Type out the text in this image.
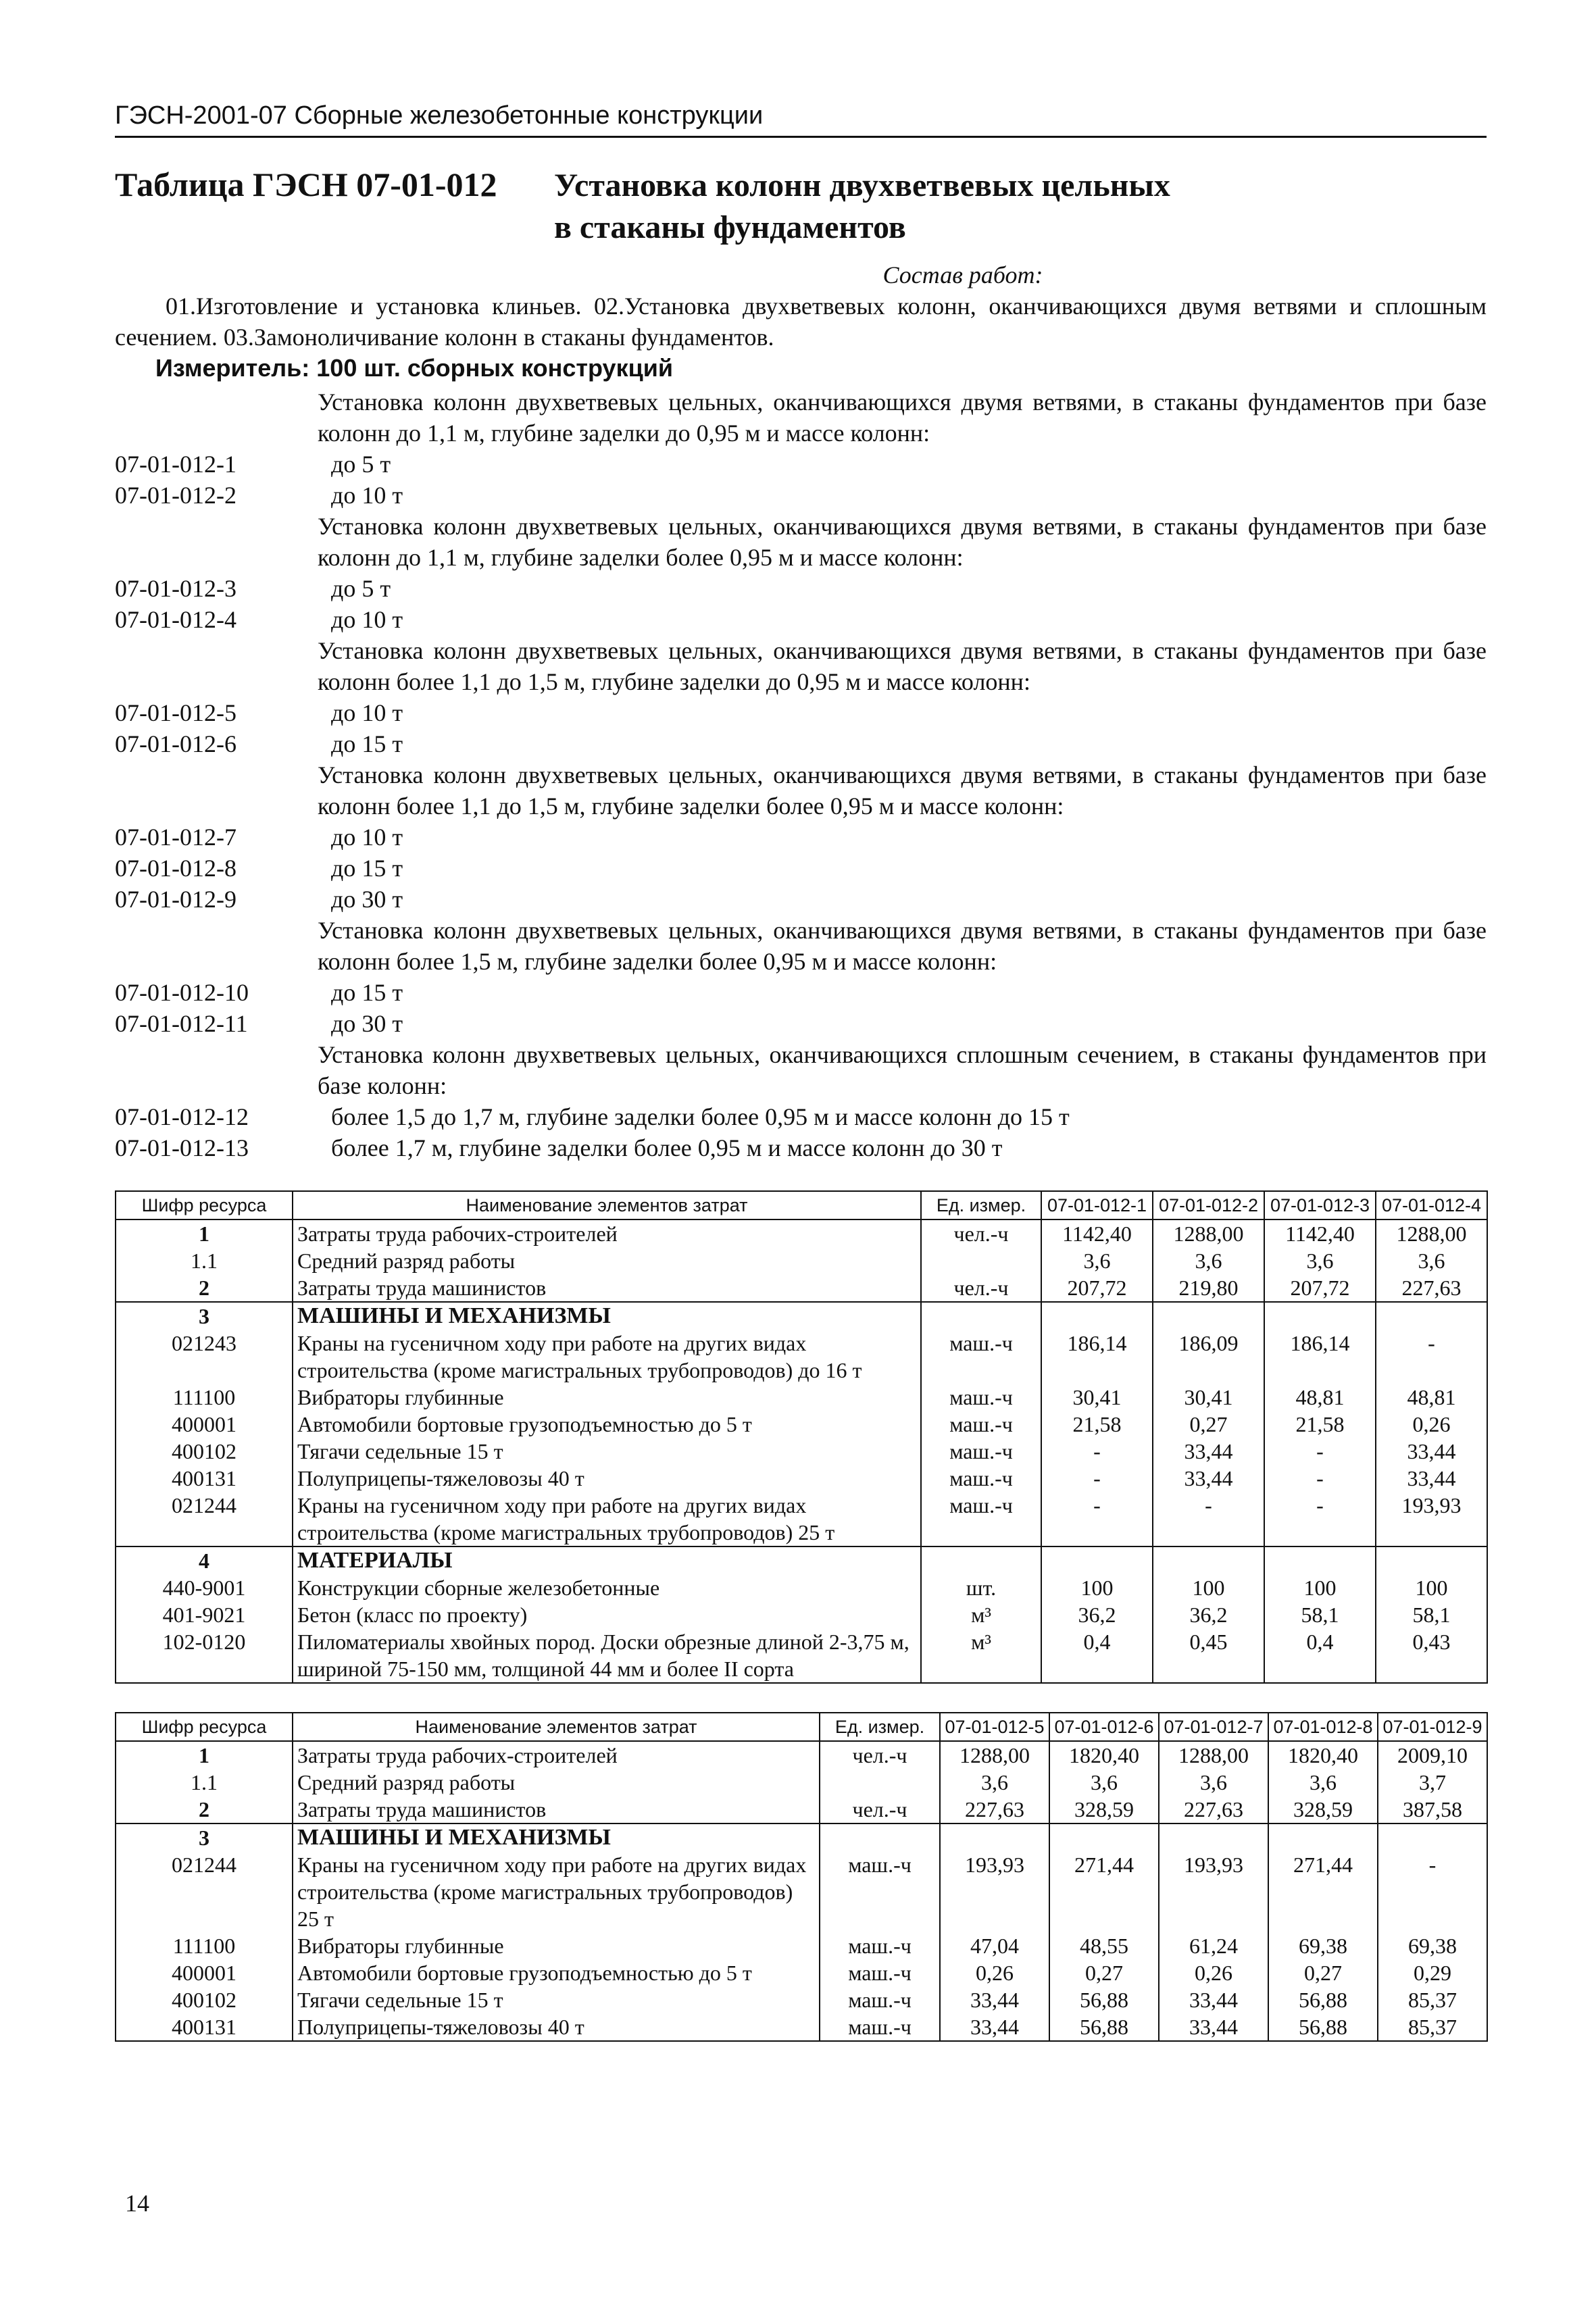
ГЭСН-2001-07 Сборные железобетонные конструкции
Таблица ГЭСН 07-01-012	Установка колонн двухветвевых цельных
в стаканы фундаментов
Состав работ:
01.Изготовление и установка клиньев. 02.Установка двухветвевых колонн, оканчивающихся двумя ветвями и сплошным сечением. 03.Замоноличивание колонн в стаканы фундаментов.
Измеритель: 100 шт. сборных конструкций
Установка колонн двухветвевых цельных, оканчивающихся двумя ветвями, в стаканы фундаментов при базе колонн до 1,1 м, глубине заделки до 0,95 м и массе колонн:
07-01-012-1	до 5 т
07-01-012-2	до 10 т
Установка колонн двухветвевых цельных, оканчивающихся двумя ветвями, в стаканы фундаментов при базе колонн до 1,1 м, глубине заделки более 0,95 м и массе колонн:
07-01-012-3	до 5 т
07-01-012-4	до 10 т
Установка колонн двухветвевых цельных, оканчивающихся двумя ветвями, в стаканы фундаментов при базе колонн более 1,1 до 1,5 м, глубине заделки до 0,95 м и массе колонн:
07-01-012-5	до 10 т
07-01-012-6	до 15 т
Установка колонн двухветвевых цельных, оканчивающихся двумя ветвями, в стаканы фундаментов при базе колонн более 1,1 до 1,5 м, глубине заделки более 0,95 м и массе колонн:
07-01-012-7	до 10 т
07-01-012-8	до 15 т
07-01-012-9	до 30 т
Установка колонн двухветвевых цельных, оканчивающихся двумя ветвями, в стаканы фундаментов при базе колонн более 1,5 м, глубине заделки более 0,95 м и массе колонн:
07-01-012-10	до 15 т
07-01-012-11	до 30 т
Установка колонн двухветвевых цельных, оканчивающихся сплошным сечением, в стаканы фундаментов при базе колонн:
07-01-012-12	более 1,5 до 1,7 м, глубине заделки более 0,95 м и массе колонн до 15 т
07-01-012-13	более 1,7 м, глубине заделки более 0,95 м и массе колонн до 30 т
Шифр ресурса	Наименование элементов затрат	Ед. измер.	07-01-012-1	07-01-012-2	07-01-012-3	07-01-012-4
1	Затраты труда рабочих-строителей	чел.-ч	1142,40	1288,00	1142,40	1288,00
1.1	Средний разряд работы		3,6	3,6	3,6	3,6
2	Затраты труда машинистов	чел.-ч	207,72	219,80	207,72	227,63
3	МАШИНЫ И МЕХАНИЗМЫ					
021243	Краны на гусеничном ходу при работе на других видах строительства (кроме магистральных трубопроводов) до 16 т	маш.-ч	186,14	186,09	186,14	-
111100	Вибраторы глубинные	маш.-ч	30,41	30,41	48,81	48,81
400001	Автомобили бортовые грузоподъемностью до 5 т	маш.-ч	21,58	0,27	21,58	0,26
400102	Тягачи седельные 15 т	маш.-ч	-	33,44	-	33,44
400131	Полуприцепы-тяжеловозы 40 т	маш.-ч	-	33,44	-	33,44
021244	Краны на гусеничном ходу при работе на других видах строительства (кроме магистральных трубопроводов) 25 т	маш.-ч	-	-	-	193,93
4	МАТЕРИАЛЫ					
440-9001	Конструкции сборные железобетонные	шт.	100	100	100	100
401-9021	Бетон (класс по проекту)	м³	36,2	36,2	58,1	58,1
102-0120	Пиломатериалы хвойных пород. Доски обрезные длиной 2-3,75 м, шириной 75-150 мм, толщиной 44 мм и более II сорта	м³	0,4	0,45	0,4	0,43
Шифр ресурса	Наименование элементов затрат	Ед. измер.	07-01-012-5	07-01-012-6	07-01-012-7	07-01-012-8	07-01-012-9
1	Затраты труда рабочих-строителей	чел.-ч	1288,00	1820,40	1288,00	1820,40	2009,10
1.1	Средний разряд работы		3,6	3,6	3,6	3,6	3,7
2	Затраты труда машинистов	чел.-ч	227,63	328,59	227,63	328,59	387,58
3	МАШИНЫ И МЕХАНИЗМЫ						
021244	Краны на гусеничном ходу при работе на других видах строительства (кроме магистральных трубопроводов) 25 т	маш.-ч	193,93	271,44	193,93	271,44	-
111100	Вибраторы глубинные	маш.-ч	47,04	48,55	61,24	69,38	69,38
400001	Автомобили бортовые грузоподъемностью до 5 т	маш.-ч	0,26	0,27	0,26	0,27	0,29
400102	Тягачи седельные 15 т	маш.-ч	33,44	56,88	33,44	56,88	85,37
400131	Полуприцепы-тяжеловозы 40 т	маш.-ч	33,44	56,88	33,44	56,88	85,37
14
